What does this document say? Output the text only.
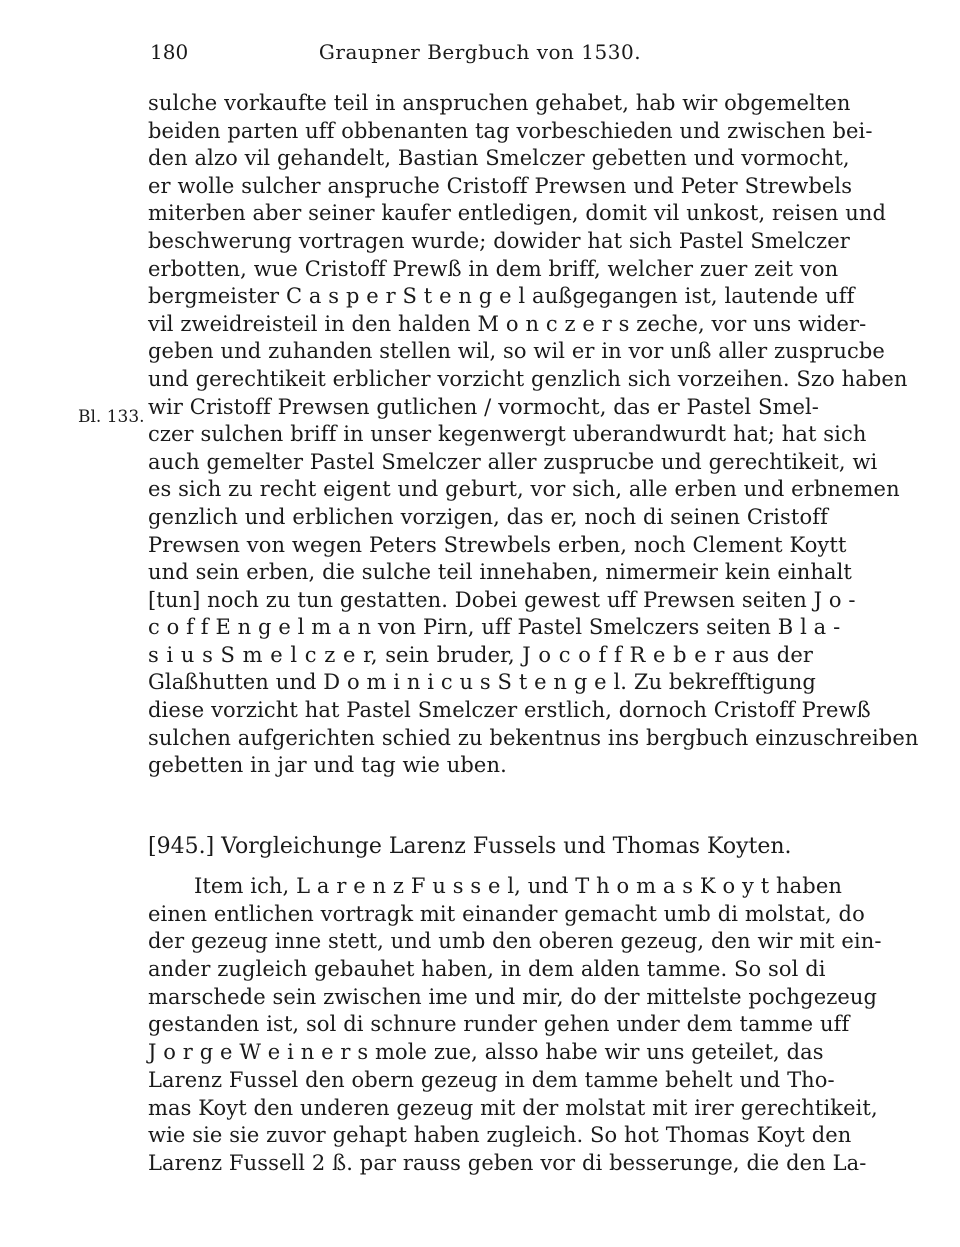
Graupner Bergbuch von 1530.
180
sulche vorkaufte teil in anspruchen gehabet, hab wir obgemelten
beiden parten uff obbenanten tag vorbeschieden und zwischen bei-
den alzo vil gehandelt, Bastian Smelczer gebetten und vormocht,
er wolle sulcher anspruche Cristoff Prewsen und Peter Strewbels
miterben aber seiner kaufer entledigen, domit vil unkost, reisen und
beschwerung vortragen wurde; dowider hat sich Pastel Smelczer
erbotten, wue Cristoff Prewß in dem briff, welcher zuer zeit von
bergmeister C a s p e r S t e n g e l außgegangen ist, lautende uff
vil zweidreisteil in den halden M o n c z e r s zeche, vor uns wider-
geben und zuhanden stellen wil, so wil er in vor unß aller zusprucbe
und gerechtikeit erblicher vorzicht genzlich sich vorzeihen. Szo haben
wir Cristoff Prewsen gutlichen / vormocht, das er Pastel Smel-
czer sulchen briff in unser kegenwergt uberandwurdt hat; hat sich
auch gemelter Pastel Smelczer aller zusprucbe und gerechtikeit, wi
es sich zu recht eigent und geburt, vor sich, alle erben und erbnemen
genzlich und erblichen vorzigen, das er, noch di seinen Cristoff
Prewsen von wegen Peters Strewbels erben, noch Clement Koytt
und sein erben, die sulche teil innehaben, nimermeir kein einhalt
[tun] noch zu tun gestatten. Dobei gewest uff Prewsen seiten J o -
c o f f E n g e l m a n von Pirn, uff Pastel Smelczers seiten B l a -
s i u s S m e l c z e r, sein bruder, J o c o f f R e b e r aus der
Glaßhutten und D o m i n i c u s S t e n g e l. Zu bekrefftigung
diese vorzicht hat Pastel Smelczer erstlich, dornoch Cristoff Prewß
sulchen aufgerichten schied zu bekentnus ins bergbuch einzuschreiben
gebetten in jar und tag wie uben.
Bl. 133.
[945.] Vorgleichunge Larenz Fussels und Thomas Koyten.
Item ich, L a r e n z F u s s e l, und T h o m a s K o y t haben
einen entlichen vortragk mit einander gemacht umb di molstat, do
der gezeug inne stett, und umb den oberen gezeug, den wir mit ein-
ander zugleich gebauhet haben, in dem alden tamme. So sol di
marschede sein zwischen ime und mir, do der mittelste pochgezeug
gestanden ist, sol di schnure runder gehen under dem tamme uff
J o r g e W e i n e r s mole zue, alsso habe wir uns geteilet, das
Larenz Fussel den obern gezeug in dem tamme behelt und Tho-
mas Koyt den underen gezeug mit der molstat mit irer gerechtikeit,
wie sie sie zuvor gehapt haben zugleich. So hot Thomas Koyt den
Larenz Fussell 2 ß. par rauss geben vor di besserunge, die den La-
